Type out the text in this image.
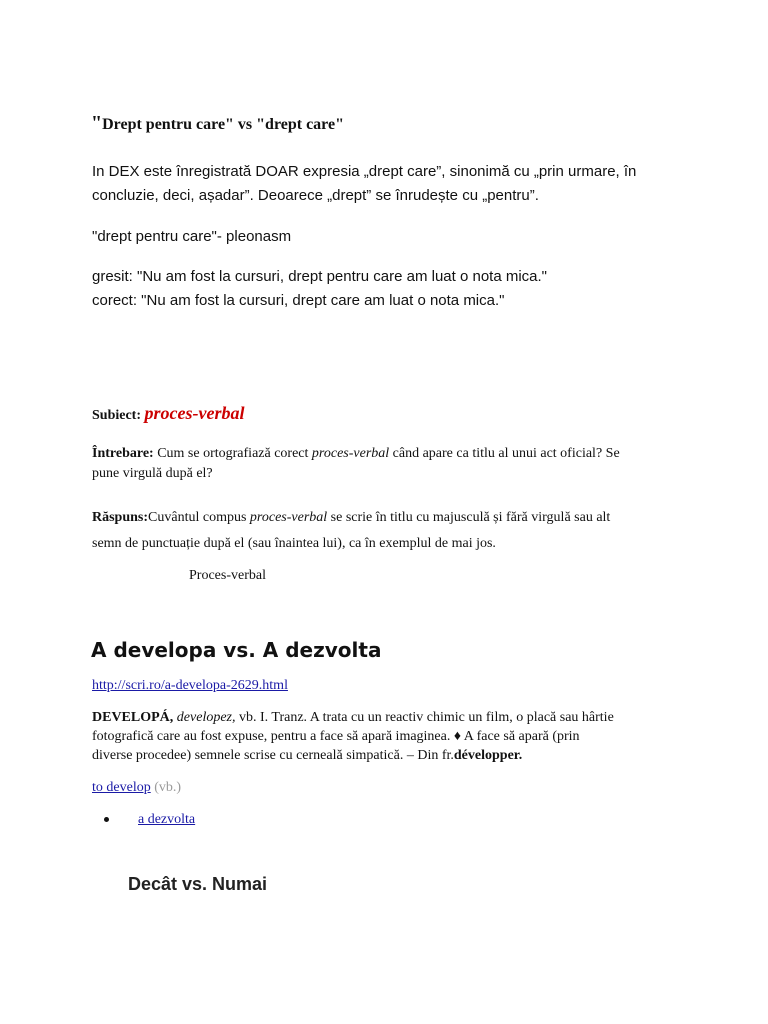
"Drept pentru care" vs "drept care"
In DEX este înregistrată DOAR expresia „drept care”, sinonimă cu „prin urmare, în
concluzie, deci, așadar”. Deoarece „drept” se înrudește cu „pentru”.
"drept pentru care"- pleonasm
gresit: "Nu am fost la cursuri, drept pentru care am luat o nota mica."
corect: "Nu am fost la cursuri, drept care am luat o nota mica."
Subiect: proces-verbal
Întrebare: Cum se ortografiază corect proces-verbal când apare ca titlu al unui act oficial? Se
pune virgulă după el?
Răspuns:Cuvântul compus proces-verbal se scrie în titlu cu majusculă și fără virgulă sau alt
semn de punctuație după el (sau înaintea lui), ca în exemplul de mai jos.
Proces-verbal
A developa vs. A dezvolta
http://scri.ro/a-developa-2629.html
DEVELOPÁ, developez, vb. I. Tranz. A trata cu un reactiv chimic un film, o placă sau hârtie
fotografică care au fost expuse, pentru a face să apară imaginea. ♦ A face să apară (prin
diverse procedee) semnele scrise cu cerneală simpatică. – Din fr.développer.
to develop (vb.)
a dezvolta
Decât vs. Numai
